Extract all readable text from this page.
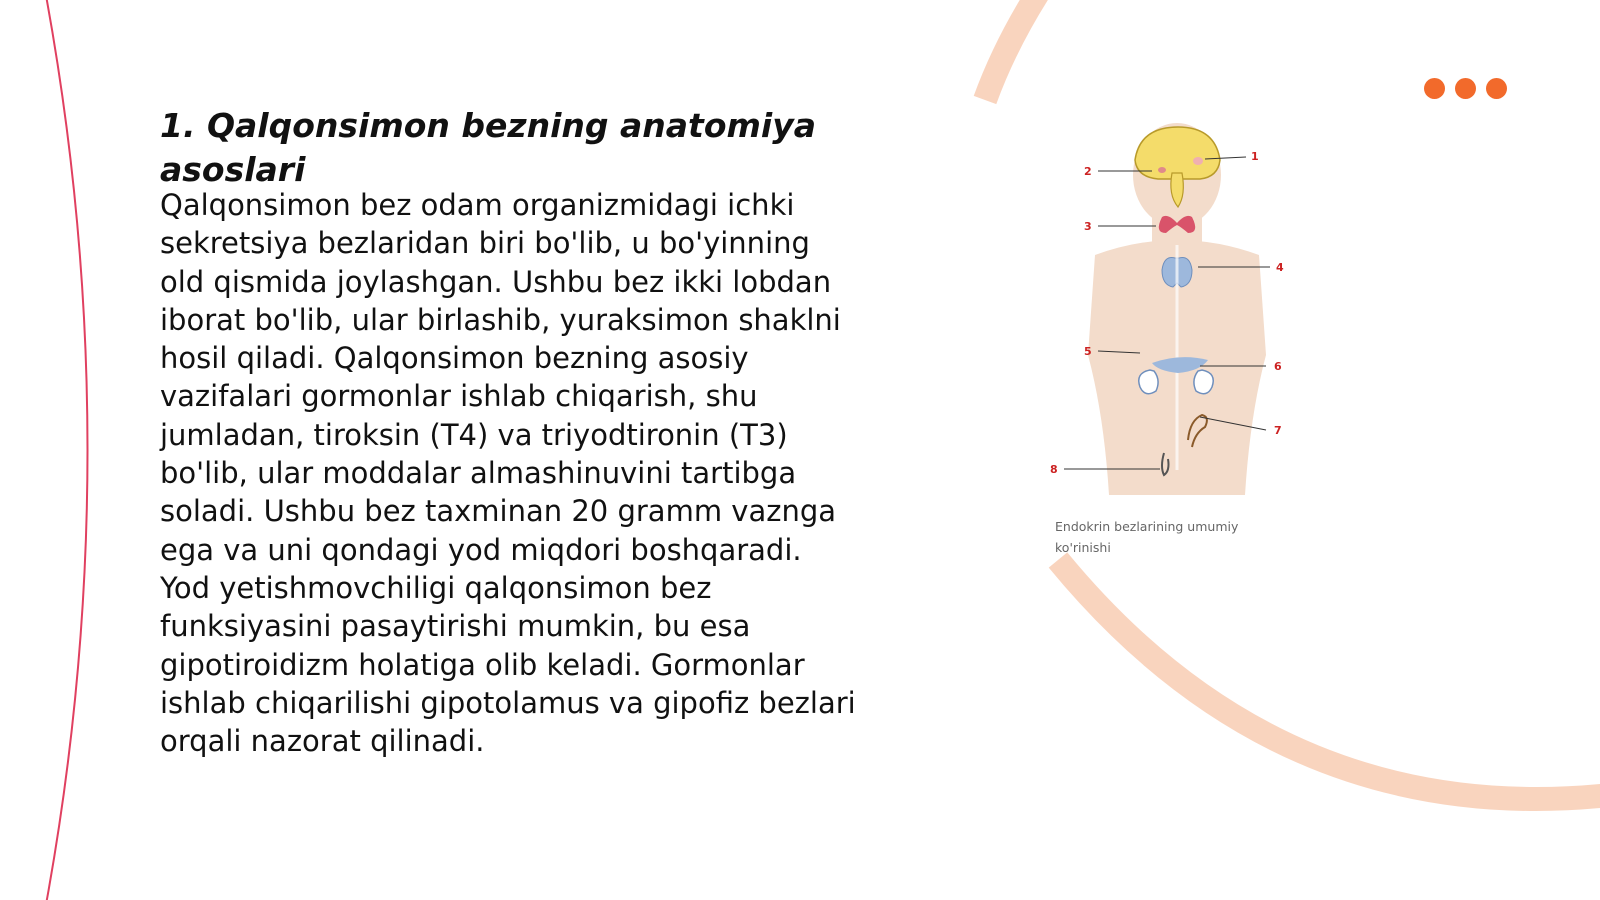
1. Qalqonsimon bezning anatomiya asoslari

Qalqonsimon bez odam organizmidagi ichki sekretsiya bezlaridan biri bo'lib, u bo'yinning old qismida joylashgan. Ushbu bez ikki lobdan iborat bo'lib, ular birlashib, yuraksimon shaklni hosil qiladi. Qalqonsimon bezning asosiy vazifalari gormonlar ishlab chiqarish, shu jumladan, tiroksin (T4) va triyodtironin (T3) bo'lib, ular moddalar almashinuvini tartibga soladi. Ushbu bez taxminan 20 gramm vaznga ega va uni qondagi yod miqdori boshqaradi. Yod yetishmovchiligi qalqonsimon bez funksiyasini pasaytirishi mumkin, bu esa gipotiroidizm holatiga olib keladi. Gormonlar ishlab chiqarilishi gipotolamus va gipofiz bezlari orqali nazorat qilinadi.

1
2
3
4
5
6
7
8

Endokrin bezlarining umumiy ko'rinishi
